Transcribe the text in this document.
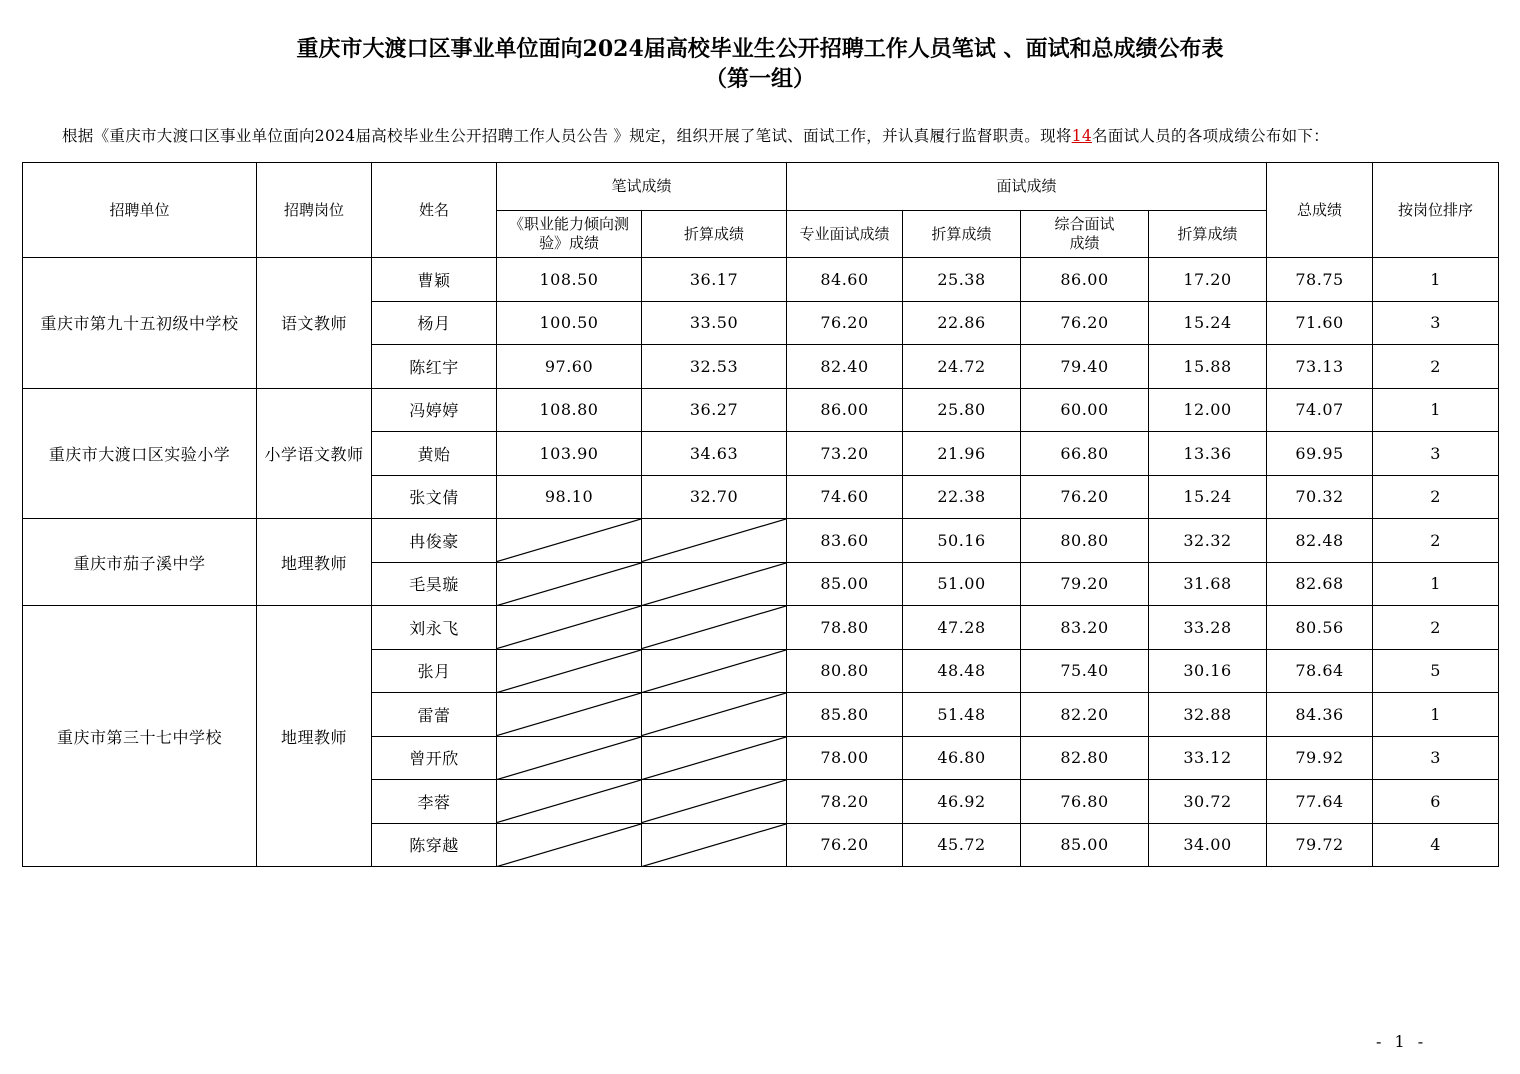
重庆市大渡口区事业单位面向2024届高校毕业生公开招聘工作人员笔试 、面试和总成绩公布表
（第一组）
根据《重庆市大渡口区事业单位面向2024届高校毕业生公开招聘工作人员公告 》规定，组织开展了笔试、面试工作，并认真履行监督职责。现将14名面试人员的各项成绩公布如下：
招聘单位	招聘岗位	姓名	笔试成绩		面试成绩				总成绩	按岗位排序
			《职业能力倾向测验》成绩	折算成绩	专业面试成绩	折算成绩	综合面试成绩	折算成绩		
重庆市第九十五初级中学校	语文教师	曹颖	108.50	36.17	84.60	25.38	86.00	17.20	78.75	1
		杨月	100.50	33.50	76.20	22.86	76.20	15.24	71.60	3
		陈红宇	97.60	32.53	82.40	24.72	79.40	15.88	73.13	2
重庆市大渡口区实验小学	小学语文教师	冯婷婷	108.80	36.27	86.00	25.80	60.00	12.00	74.07	1
		黄贻	103.90	34.63	73.20	21.96	66.80	13.36	69.95	3
		张文倩	98.10	32.70	74.60	22.38	76.20	15.24	70.32	2
重庆市茄子溪中学	地理教师	冉俊豪			83.60	50.16	80.80	32.32	82.48	2
		毛昊璇			85.00	51.00	79.20	31.68	82.68	1
重庆市第三十七中学校	地理教师	刘永飞			78.80	47.28	83.20	33.28	80.56	2
		张月			80.80	48.48	75.40	30.16	78.64	5
		雷蕾			85.80	51.48	82.20	32.88	84.36	1
		曾开欣			78.00	46.80	82.80	33.12	79.92	3
		李蓉			78.20	46.92	76.80	30.72	77.64	6
		陈穿越			76.20	45.72	85.00	34.00	79.72	4
- 1 -
